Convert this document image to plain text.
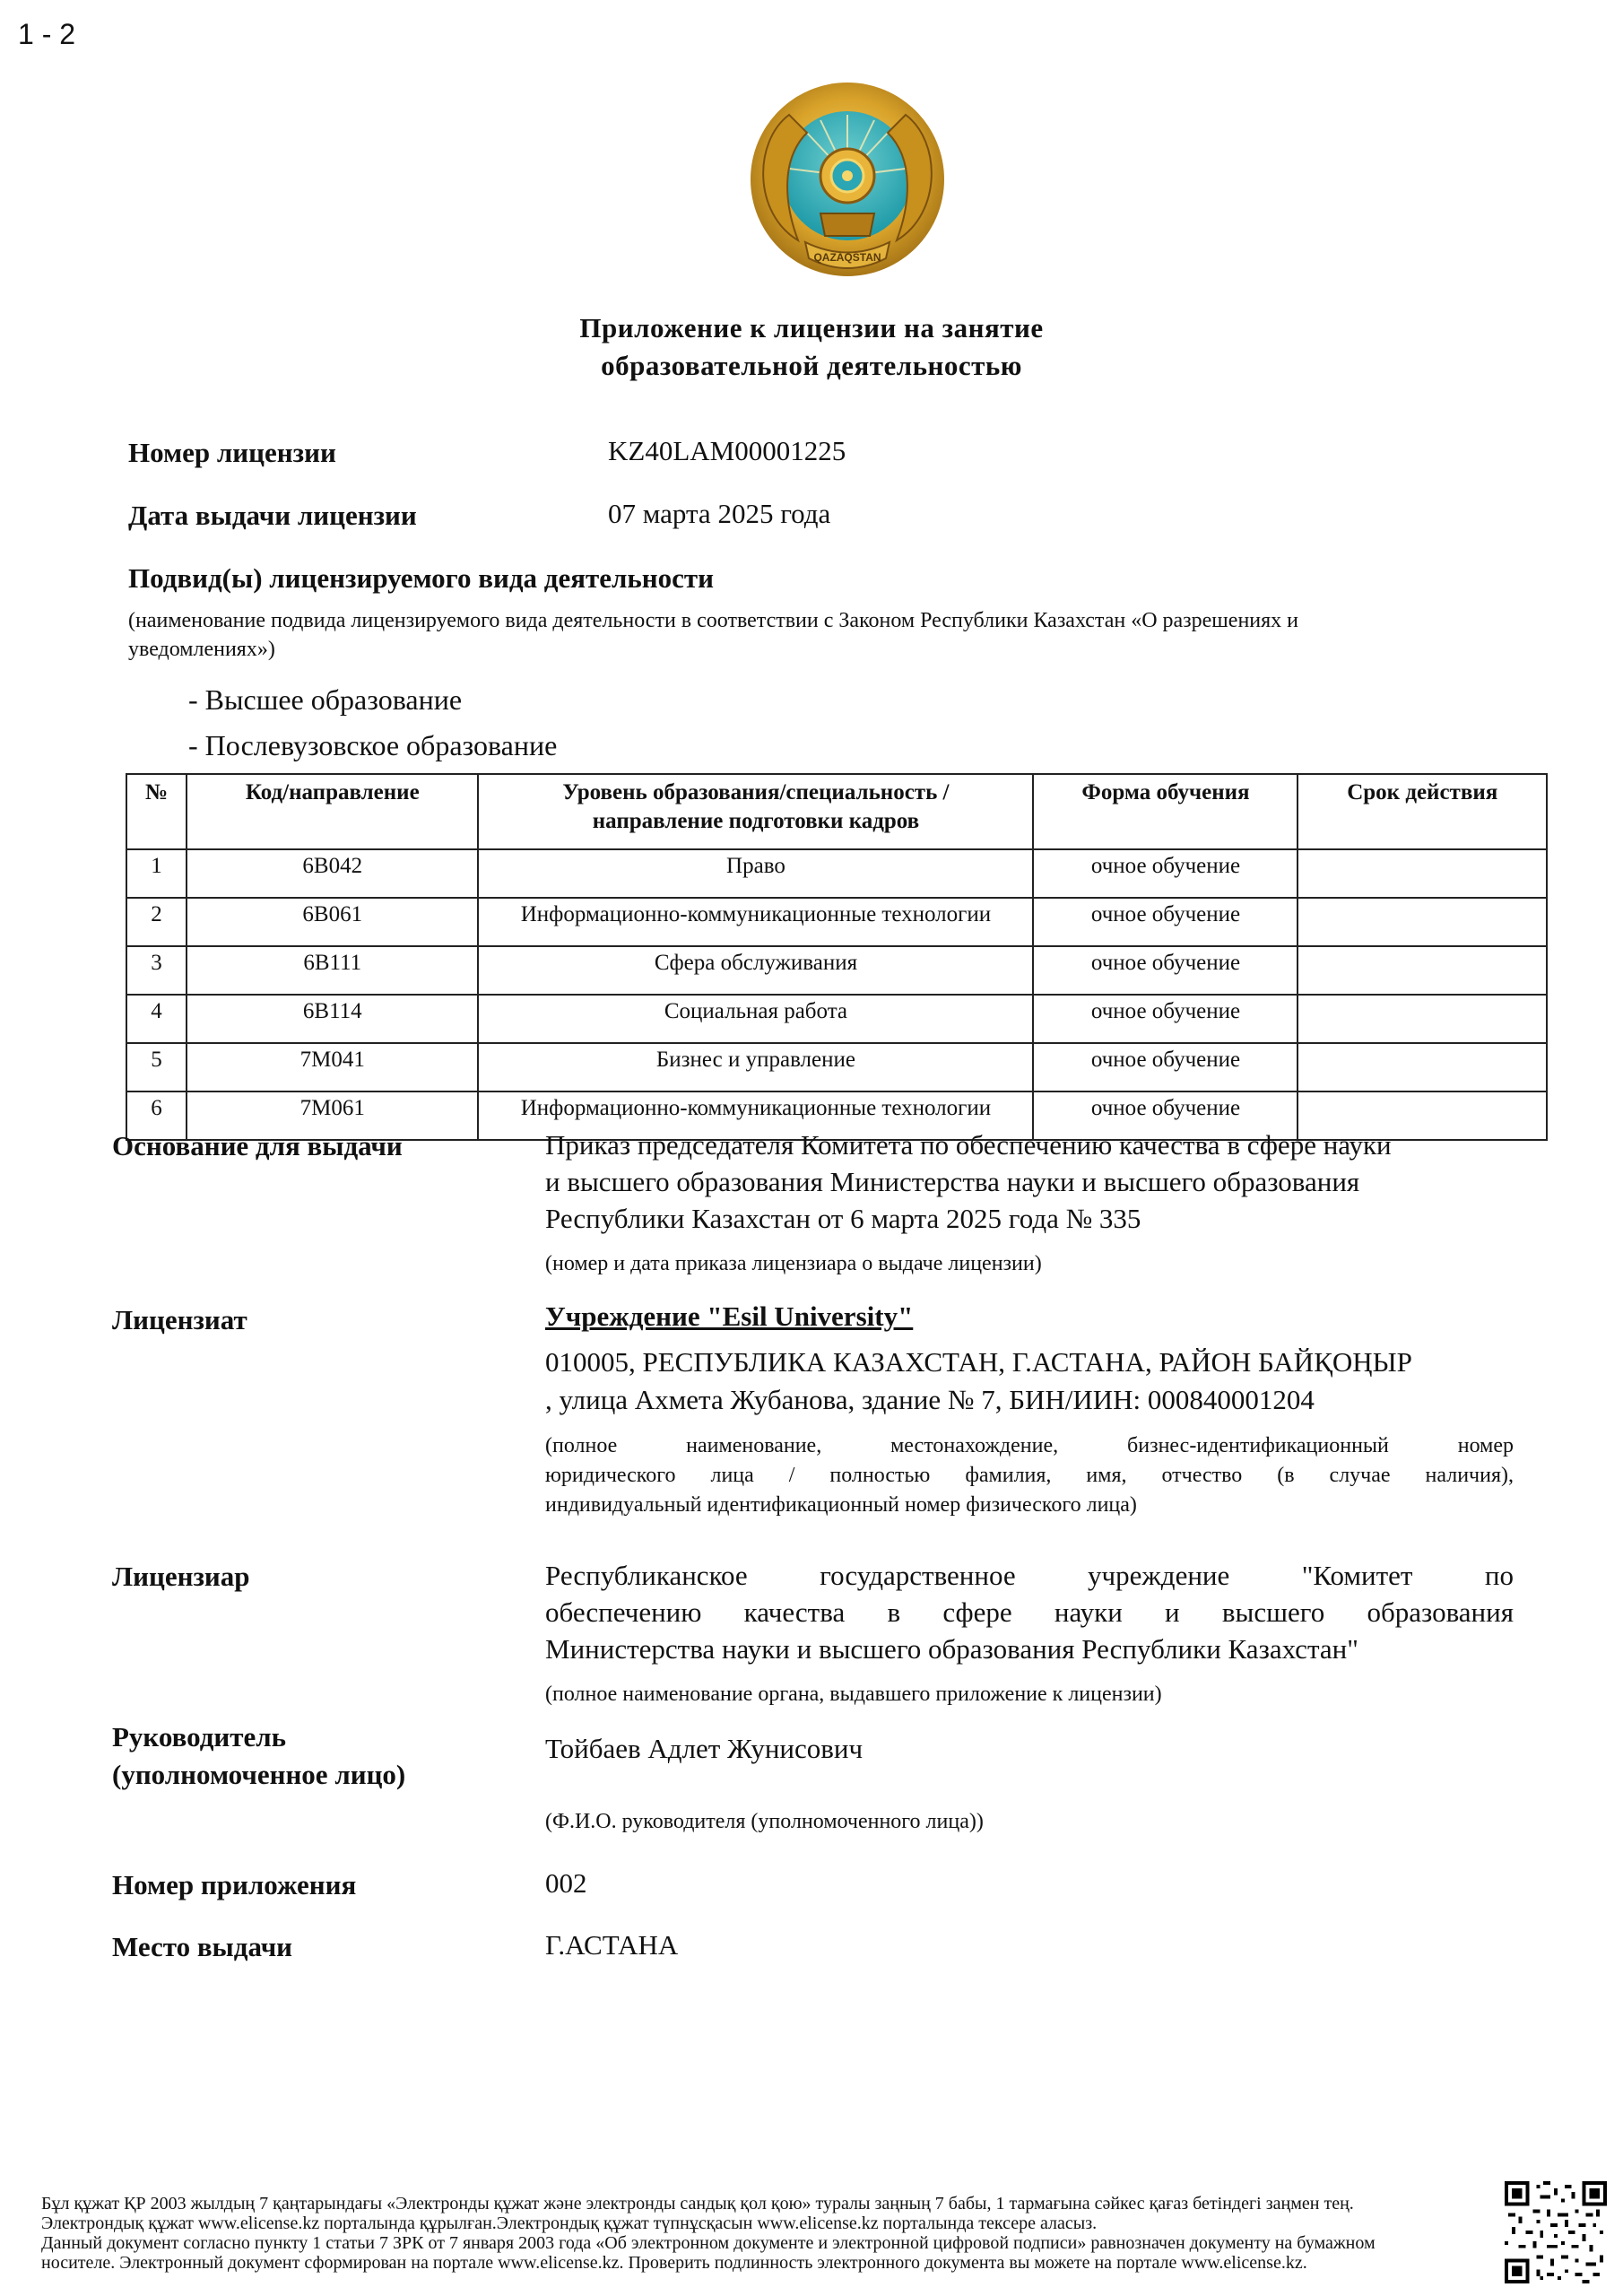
1 - 2
QAZAQSTAN
Приложение к лицензии на занятие
образовательной деятельностью
Номер лицензии	KZ40LAM00001225
Дата выдачи лицензии	07 марта 2025 года
Подвид(ы) лицензируемого вида деятельности
(наименование подвида лицензируемого вида деятельности в соответствии с Законом Республики Казахстан «О разрешениях и
уведомлениях»)
- Высшее образование
- Послевузовское образование
№	Код/направление	Уровень образования/специальность /
направление подготовки кадров	Форма обучения	Срок действия
1	6B042	Право	очное обучение	
2	6B061	Информационно-коммуникационные технологии	очное обучение	
3	6B111	Сфера обслуживания	очное обучение	
4	6B114	Социальная работа	очное обучение	
5	7M041	Бизнес и управление	очное обучение	
6	7M061	Информационно-коммуникационные технологии	очное обучение	
Основание для выдачи	Приказ председателя Комитета по обеспечению качества в сфере науки
и высшего образования Министерства науки и высшего образования
Республики Казахстан от 6 марта 2025 года № 335
(номер и дата приказа лицензиара о выдаче лицензии)
Лицензиат	Учреждение "Esil University"
010005, РЕСПУБЛИКА КАЗАХСТАН, Г.АСТАНА, РАЙОН БАЙҚОҢЫР
, улица Ахмета Жубанова, здание № 7, БИН/ИИН: 000840001204
(полное наименование, местонахождение, бизнес-идентификационный номер
юридического лица / полностью фамилия, имя, отчество (в случае наличия),
индивидуальный идентификационный номер физического лица)
Лицензиар	Республиканское государственное учреждение "Комитет по
обеспечению качества в сфере науки и высшего образования
Министерства науки и высшего образования Республики Казахстан"
(полное наименование органа, выдавшего приложение к лицензии)
Руководитель
(уполномоченное лицо)
Тойбаев Адлет Жунисович
(Ф.И.О. руководителя (уполномоченного лица))
Номер приложения	002
Место выдачи	Г.АСТАНА
Бұл құжат ҚР 2003 жылдың 7 қаңтарындағы «Электронды құжат және электронды сандық қол қою» туралы заңның 7 бабы, 1 тармағына сәйкес қағаз бетіндегі заңмен тең.
Электрондық құжат www.elicense.kz порталында құрылған.Электрондық құжат түпнұсқасын www.elicense.kz порталында тексере аласыз.
Данный документ согласно пункту 1 статьи 7 ЗРК от 7 января 2003 года «Об электронном документе и электронной цифровой подписи» равнозначен документу на бумажном
носителе. Электронный документ сформирован на портале www.elicense.kz. Проверить подлинность электронного документа вы можете на портале www.elicense.kz.
